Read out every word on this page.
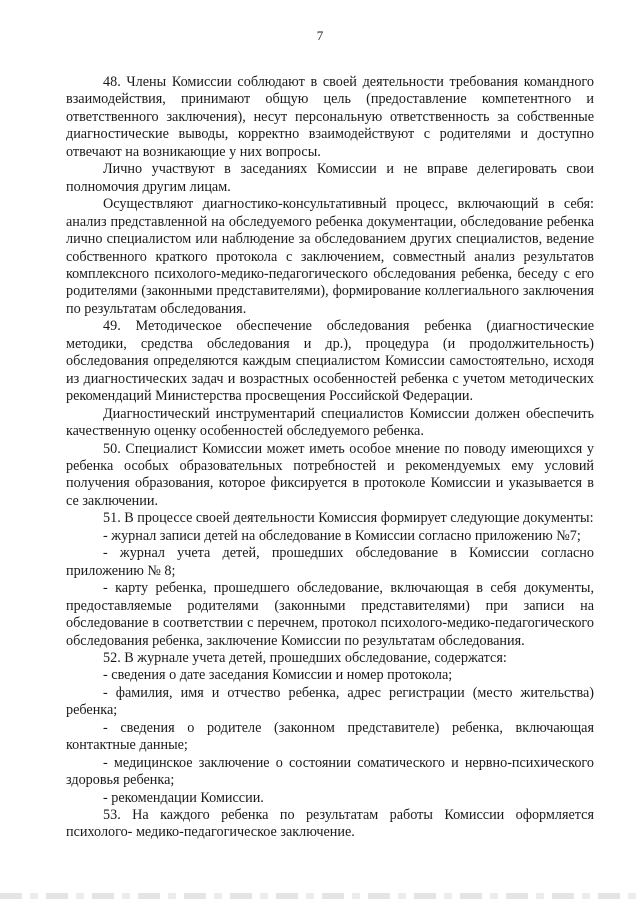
7

48. Члены Комиссии соблюдают в своей деятельности требования командного взаимодействия, принимают общую цель (предоставление компетентного и ответственного заключения), несут персональную ответственность за собственные диагностические выводы, корректно взаимодействуют с родителями и доступно отвечают на возникающие у них вопросы.

Лично участвуют в заседаниях Комиссии и не вправе делегировать свои полномочия другим лицам.

Осуществляют диагностико-консультативный процесс, включающий в себя: анализ представленной на обследуемого ребенка документации, обследование ребенка лично специалистом или наблюдение за обследованием других специалистов, ведение собственного краткого протокола с заключением, совместный анализ результатов комплексного психолого-медико-педагогического обследования ребенка, беседу с его родителями (законными представителями), формирование коллегиального заключения по результатам обследования.

49. Методическое обеспечение обследования ребенка (диагностические методики, средства обследования и др.), процедура (и продолжительность) обследования определяются каждым специалистом Комиссии самостоятельно, исходя из диагностических задач и возрастных особенностей ребенка с учетом методических рекомендаций Министерства просвещения Российской Федерации.

Диагностический инструментарий специалистов Комиссии должен обеспечить качественную оценку особенностей обследуемого ребенка.

50. Специалист Комиссии может иметь особое мнение по поводу имеющихся у ребенка особых образовательных потребностей и рекомендуемых ему условий получения образования, которое фиксируется в протоколе Комиссии и указывается в се заключении.

51. В процессе своей деятельности Комиссия формирует следующие документы:

- журнал записи детей на обследование в Комиссии согласно приложению №7;

- журнал учета детей, прошедших обследование в Комиссии согласно приложению № 8;

- карту ребенка, прошедшего обследование, включающая в себя документы, предоставляемые родителями (законными представителями) при записи на обследование в соответствии с перечнем, протокол психолого-медико-педагогического обследования ребенка, заключение Комиссии по результатам обследования.

52. В журнале учета детей, прошедших обследование, содержатся:

- сведения о дате заседания Комиссии и номер протокола;

- фамилия, имя и отчество ребенка, адрес регистрации (место жительства) ребенка;

- сведения о родителе (законном представителе) ребенка, включающая контактные данные;

- медицинское заключение о состоянии соматического и нервно-психического здоровья ребенка;

- рекомендации Комиссии.

53. На каждого ребенка по результатам работы Комиссии оформляется психолого- медико-педагогическое заключение.
